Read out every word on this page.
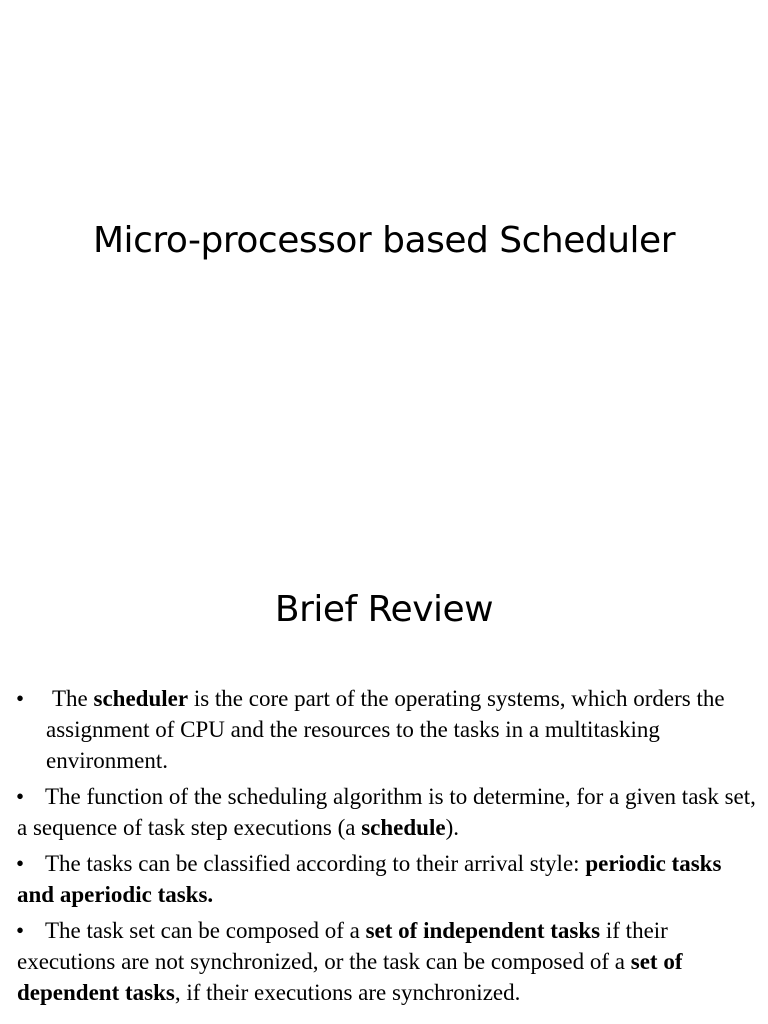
Micro-processor based Scheduler
Brief Review
•	The scheduler is the core part of the operating systems, which orders the assignment of CPU and the resources to the tasks in a multitasking environment.
• The function of the scheduling algorithm is to determine, for a given task set, a sequence of task step executions (a schedule).
• The tasks can be classified according to their arrival style: periodic tasks and aperiodic tasks.
• The task set can be composed of a set of independent tasks if their executions are not synchronized, or the task can be composed of a set of dependent tasks, if their executions are synchronized.
